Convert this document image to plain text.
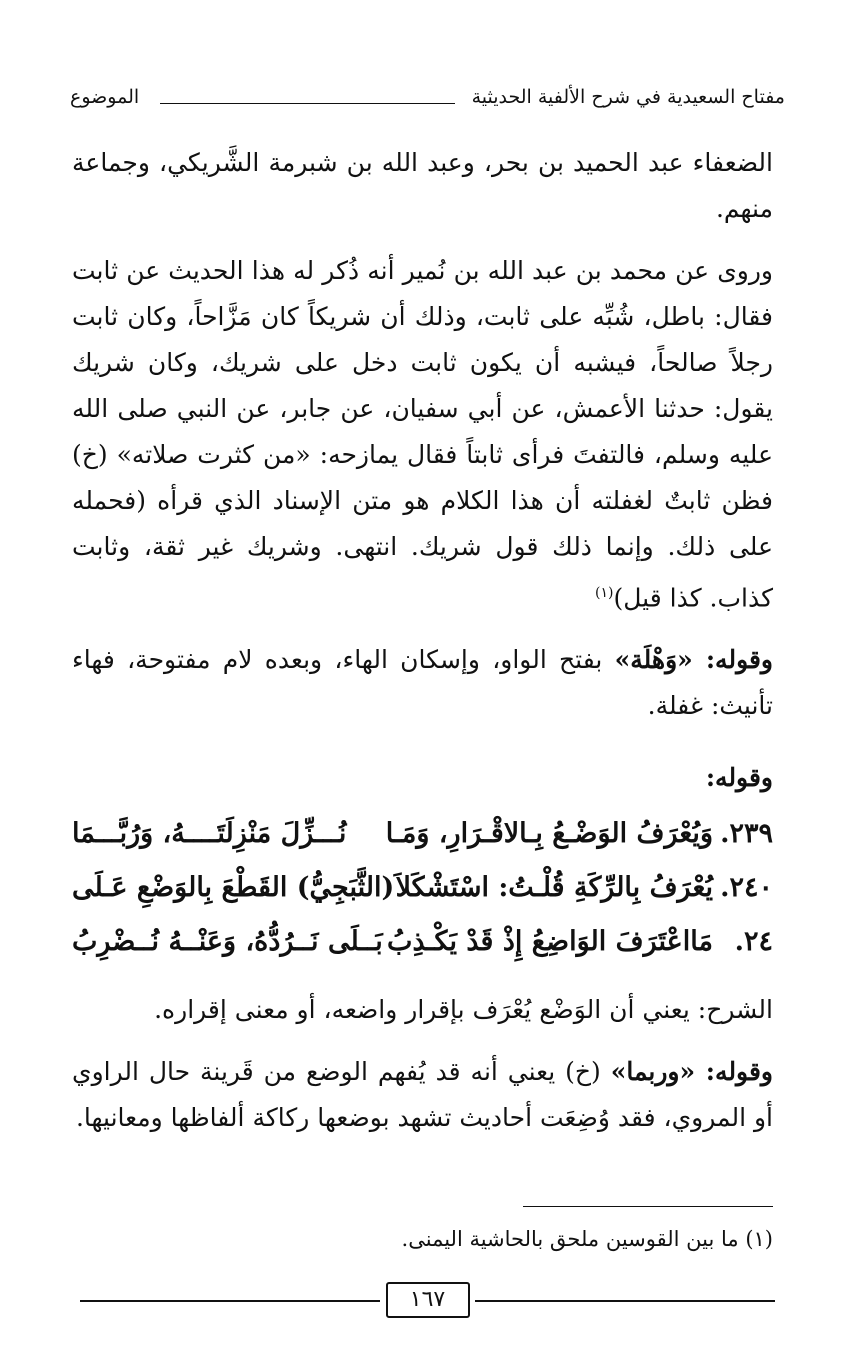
مفتاح السعيدية في شرح الألفية الحديثية
الموضوع

الضعفاء عبد الحميد بن بحر، وعبد الله بن شبرمة الشَّريكي، وجماعة منهم.

وروى عن محمد بن عبد الله بن نُمير أنه ذُكر له هذا الحديث عن ثابت فقال: باطل، شُبِّه على ثابت، وذلك أن شريكاً كان مَزَّاحاً، وكان ثابت رجلاً صالحاً، فيشبه أن يكون ثابت دخل على شريك، وكان شريك يقول: حدثنا الأعمش، عن أبي سفيان، عن جابر، عن النبي صلى الله عليه وسلم، فالتفتَ فرأى ثابتاً فقال يمازحه: «من كثرت صلاته» (خ) فظن ثابتٌ لغفلته أن هذا الكلام هو متن الإسناد الذي قرأه (فحمله على ذلك. وإنما ذلك قول شريك. انتهى. وشريك غير ثقة، وثابت كذاب. كذا قيل)$^{(١)}$

وقوله: «وَهْلَة» بفتح الواو، وإسكان الهاء، وبعده لام مفتوحة، فهاء تأنيث: غفلة.

وقوله:
٢٣٩.
وَيُعْرَفُ الوَضْـعُ بِـالاقْـرَارِ، وَمَـا
نُـــزِّلَ مَنْزِلَتَــــهُ، وَرُبَّـــمَا
٢٤٠.
يُعْرَفُ بِالرِّكَةِ قُلْـتُ: اسْتَشْكَلاَ
(الثَّبَجِيُّ) القَطْعَ بِالوَضْعِ عَـلَى
٢٤.
مَااعْتَرَفَ الوَاضِعُ إِذْ قَدْ يَكْـذِبُ
بَــلَى نَــرُدُّهُ، وَعَنْــهُ نُــضْرِبُ

الشرح: يعني أن الوَضْع يُعْرَف بإقرار واضعه، أو معنى إقراره.

وقوله: «وربما» (خ) يعني أنه قد يُفهم الوضع من قَرينة حال الراوي أو المروي، فقد وُضِعَت أحاديث تشهد بوضعها ركاكة ألفاظها ومعانيها.

(١) ما بين القوسين ملحق بالحاشية اليمنى.
١٦٧
